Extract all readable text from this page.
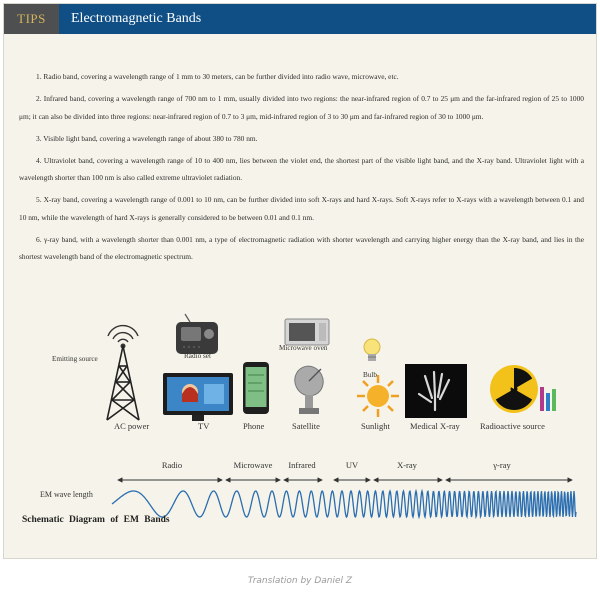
TIPS	Electromagnetic Bands

1. Radio band, covering a wavelength range of 1 mm to 30 meters, can be further divided into radio wave, microwave, etc.

2. Infrared band, covering a wavelength range of 700 nm to 1 mm, usually divided into two regions: the near-infrared region of 0.7 to 25 μm and the far-infrared region of 25 to 1000 μm; it can also be divided into three regions: near-infrared region of 0.7 to 3 μm, mid-infrared region of 3 to 30 μm and far-infrared region of 30 to 1000 μm.

3. Visible light band, covering a wavelength range of about 380 to 780 nm.

4. Ultraviolet band, covering a wavelength range of 10 to 400 nm, lies between the violet end, the shortest part of the visible light band, and the X-ray band. Ultraviolet light with a wavelength shorter than 100 nm is also called extreme ultraviolet radiation.

5. X-ray band, covering a wavelength range of 0.001 to 10 nm, can be further divided into soft X-rays and hard X-rays. Soft X-rays refer to X-rays with a wavelength between 0.1 and 10 nm, while the wavelength of hard X-rays is generally considered to be between 0.01 and 0.1 nm.

6. γ-ray band, with a wavelength shorter than 0.001 nm, a type of electromagnetic radiation with shorter wavelength and carrying higher energy than the X-ray band, and lies in the shortest wavelength band of the electromagnetic spectrum.

Emitting source	Radio set
Microwave oven
Bulb
TV	Phone	Satellite	Sunlight Medical X-ray Radioactive source
AC power
Radio	Microwave Infrared	UV	X-ray	γ-ray
EM wave length
Schematic Diagram of EM Bands
Translation by Daniel Z
